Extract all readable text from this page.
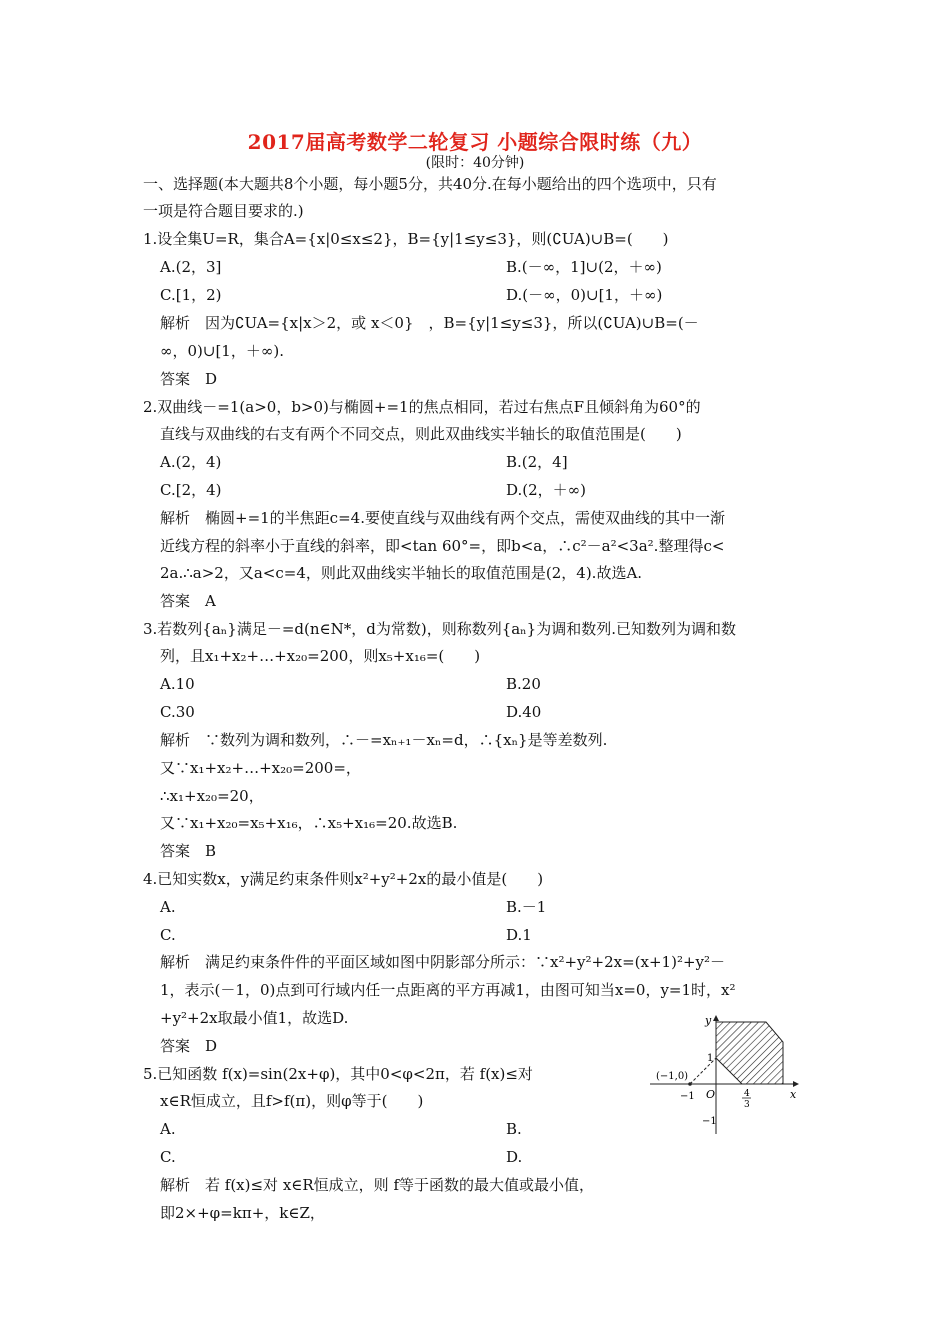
2017届高考数学二轮复习 小题综合限时练（九）
(限时：40分钟)
一、选择题(本大题共8个小题，每小题5分，共40分.在每小题给出的四个选项中，只有
一项是符合题目要求的.)
1.设全集U=R，集合A={x|0≤x≤2}，B={y|1≤y≤3}，则(∁UA)∪B=(　　)
A.(2，3]	B.(－∞，1]∪(2，＋∞)
C.[1，2)	D.(－∞，0)∪[1，＋∞)
解析　因为∁UA={x|x＞2，或 x＜0}　，B={y|1≤y≤3}，所以(∁UA)∪B=(－
∞，0)∪[1，＋∞).
答案　D
2.双曲线－=1(a>0，b>0)与椭圆+=1的焦点相同，若过右焦点F且倾斜角为60°的
直线与双曲线的右支有两个不同交点，则此双曲线实半轴长的取值范围是(　　)
A.(2，4)	B.(2，4]
C.[2，4)	D.(2，＋∞)
解析　椭圆+=1的半焦距c=4.要使直线与双曲线有两个交点，需使双曲线的其中一渐
近线方程的斜率小于直线的斜率，即<tan 60°=，即b<a，∴c²－a²<3a².整理得c<
2a.∴a>2，又a<c=4，则此双曲线实半轴长的取值范围是(2，4).故选A.
答案　A
3.若数列{aₙ}满足－=d(n∈N*，d为常数)，则称数列{aₙ}为调和数列.已知数列为调和数
列，且x₁+x₂+…+x₂₀=200，则x₅+x₁₆=(　　)
A.10	B.20
C.30	D.40
解析　∵数列为调和数列，∴－=xₙ₊₁－xₙ=d，∴{xₙ}是等差数列.
又∵x₁+x₂+…+x₂₀=200=，
∴x₁+x₂₀=20，
又∵x₁+x₂₀=x₅+x₁₆，∴x₅+x₁₆=20.故选B.
答案　B
4.已知实数x，y满足约束条件则x²+y²+2x的最小值是(　　)
A.	B.－1
C.	D.1
解析　满足约束条件件的平面区域如图中阴影部分所示：∵x²+y²+2x=(x+1)²+y²－
1，表示(－1，0)点到可行域内任一点距离的平方再减1，由图可知当x=0，y=1时，x²
+y²+2x取最小值1，故选D.
答案　D
5.已知函数 f(x)=sin(2x+φ)，其中0<φ<2π，若 f(x)≤对
x∈R恒成立，且f>f(π)，则φ等于(　　)
A.	B.
C.	D.
解析　若 f(x)≤对 x∈R恒成立，则 f等于函数的最大值或最小值，
即2×+φ=kπ+，k∈Z，
y
x
O
(−1,0)
1
−1
−1
4
3
